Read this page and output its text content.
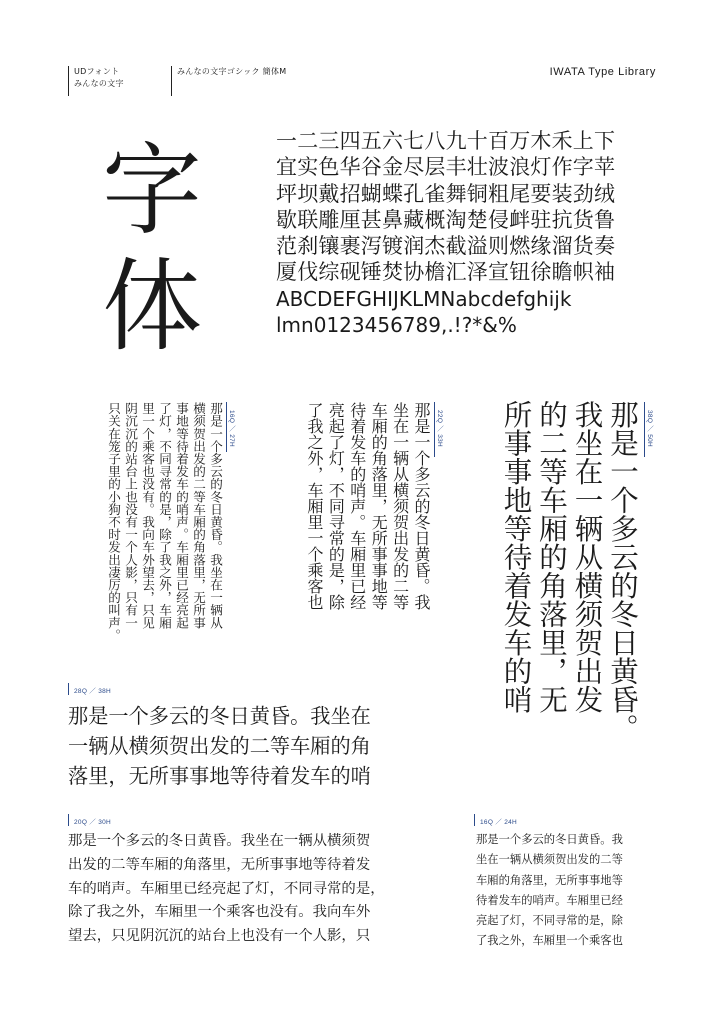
UDフォント
みんなの文字
みんなの文字ゴシック 簡体M	IWATA Type Library
字
体
一二三四五六七八九十百万木禾上下
宜实色华谷金尽层丰壮波浪灯作字苹
坪坝戴招蝴蝶孔雀舞铜粗尾要装劲绒
歇联雕厘甚鼻藏概淘楚侵衅驻抗货鲁
范刹镶裹泻镀润杰截溢则燃缘溜货奏
厦伐综砚锤焚协檐汇泽宣钮徐瞻帜袖
ABCDEFGHIJKLMNabcdefghijk
lmn0123456789,.!?*&%
16Q ／ 27H
那是一个多云的冬日黄昏。我坐在一辆从
横须贺出发的二等车厢的角落里，无所事
事地等待着发车的哨声。车厢里已经亮起
了灯，不同寻常的是，除了我之外，车厢
里一个乘客也没有。我向车外望去，只见
阴沉沉的站台上也没有一个人影，只有一
只关在笼子里的小狗不时发出凄厉的叫声。	22Q ／ 33H
那是一个多云的冬日黄昏。我
坐在一辆从横须贺出发的二等
车厢的角落里，无所事事地等
待着发车的哨声。车厢里已经
亮起了灯，不同寻常的是，除
了我之外，车厢里一个乘客也	38Q ／ 50H
那是一个多云的冬日黄昏。
我坐在一辆从横须贺出发
的二等车厢的角落里，无
所事事地等待着发车的哨
28Q ／ 38H
那是一个多云的冬日黄昏。我坐在
一辆从横须贺出发的二等车厢的角
落里，无所事事地等待着发车的哨
20Q ／ 30H
那是一个多云的冬日黄昏。我坐在一辆从横须贺
出发的二等车厢的角落里，无所事事地等待着发
车的哨声。车厢里已经亮起了灯，不同寻常的是，
除了我之外，车厢里一个乘客也没有。我向车外
望去，只见阴沉沉的站台上也没有一个人影，只
16Q ／ 24H
那是一个多云的冬日黄昏。我
坐在一辆从横须贺出发的二等
车厢的角落里，无所事事地等
待着发车的哨声。车厢里已经
亮起了灯，不同寻常的是，除
了我之外，车厢里一个乘客也
